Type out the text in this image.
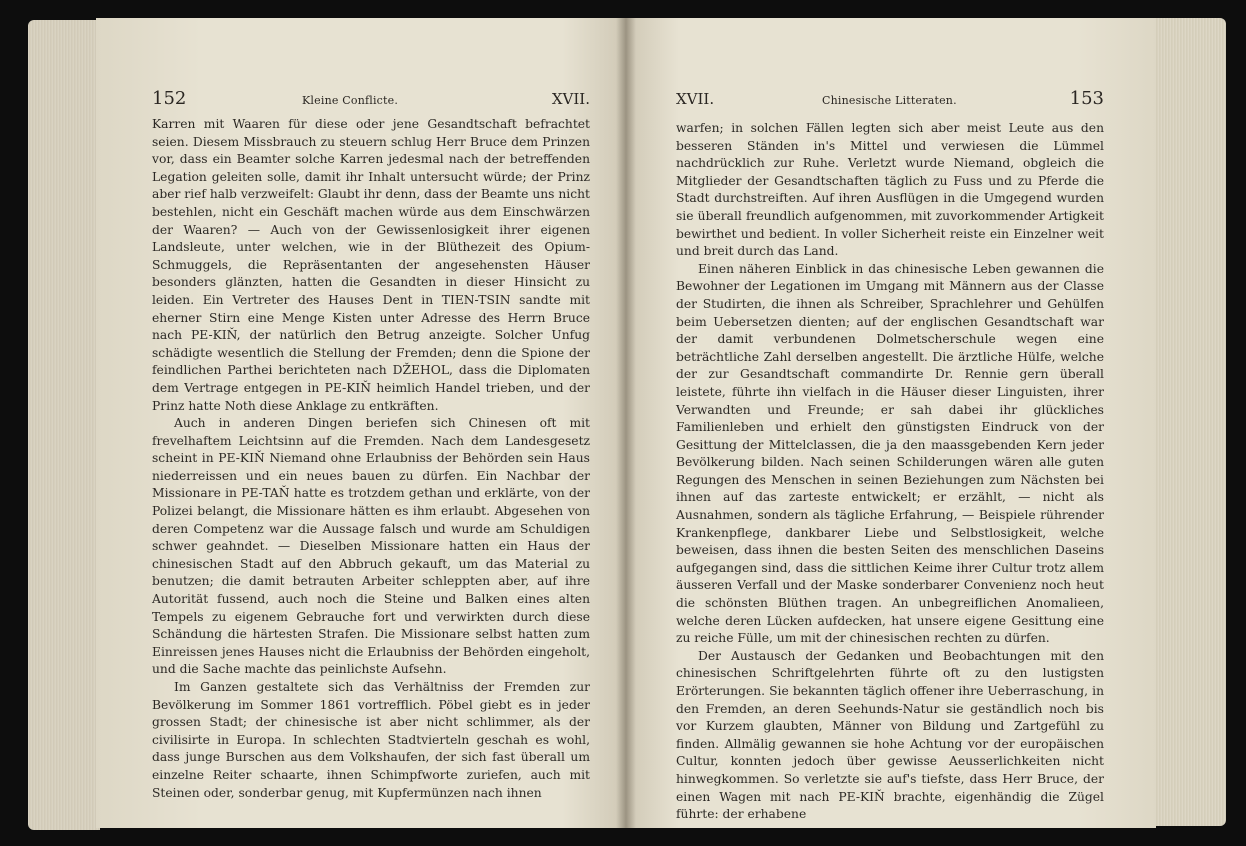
152	Kleine Conflicte.	XVII.	XVII.	Chinesische Litteraten.	153

Karren mit Waaren für diese oder jene Gesandtschaft befrachtet seien. Diesem Missbrauch zu steuern schlug Herr Bruce dem Prinzen vor, dass ein Beamter solche Karren jedesmal nach der betreffenden Legation geleiten solle, damit ihr Inhalt untersucht würde; der Prinz aber rief halb verzweifelt: Glaubt ihr denn, dass der Beamte uns nicht bestehlen, nicht ein Geschäft machen würde aus dem Einschwärzen der Waaren? — Auch von der Gewissenlosigkeit ihrer eigenen Landsleute, unter welchen, wie in der Blüthezeit des Opium-Schmuggels, die Repräsentanten der angesehensten Häuser besonders glänzten, hatten die Gesandten in dieser Hinsicht zu leiden. Ein Vertreter des Hauses Dent in TIEN-TSIN sandte mit eherner Stirn eine Menge Kisten unter Adresse des Herrn Bruce nach PE-KIŇ, der natürlich den Betrug anzeigte. Solcher Unfug schädigte wesentlich die Stellung der Fremden; denn die Spione der feindlichen Parthei berichteten nach DŽEHOL, dass die Diplomaten dem Vertrage entgegen in PE-KIŇ heimlich Handel trieben, und der Prinz hatte Noth diese Anklage zu entkräften.

Auch in anderen Dingen beriefen sich Chinesen oft mit frevelhaftem Leichtsinn auf die Fremden. Nach dem Landesgesetz scheint in PE-KIŇ Niemand ohne Erlaubniss der Behörden sein Haus niederreissen und ein neues bauen zu dürfen. Ein Nachbar der Missionare in PE-TAŇ hatte es trotzdem gethan und erklärte, von der Polizei belangt, die Missionare hätten es ihm erlaubt. Abgesehen von deren Competenz war die Aussage falsch und wurde am Schuldigen schwer geahndet. — Dieselben Missionare hatten ein Haus der chinesischen Stadt auf den Abbruch gekauft, um das Material zu benutzen; die damit betrauten Arbeiter schleppten aber, auf ihre Autorität fussend, auch noch die Steine und Balken eines alten Tempels zu eigenem Gebrauche fort und verwirkten durch diese Schändung die härtesten Strafen. Die Missionare selbst hatten zum Einreissen jenes Hauses nicht die Erlaubniss der Behörden eingeholt, und die Sache machte das peinlichste Aufsehn.

Im Ganzen gestaltete sich das Verhältniss der Fremden zur Bevölkerung im Sommer 1861 vortrefflich. Pöbel giebt es in jeder grossen Stadt; der chinesische ist aber nicht schlimmer, als der civilisirte in Europa. In schlechten Stadtvierteln geschah es wohl, dass junge Burschen aus dem Volkshaufen, der sich fast überall um einzelne Reiter schaarte, ihnen Schimpfworte zuriefen, auch mit Steinen oder, sonderbar genug, mit Kupfermünzen nach ihnen

warfen; in solchen Fällen legten sich aber meist Leute aus den besseren Ständen in's Mittel und verwiesen die Lümmel nachdrücklich zur Ruhe. Verletzt wurde Niemand, obgleich die Mitglieder der Gesandtschaften täglich zu Fuss und zu Pferde die Stadt durchstreiften. Auf ihren Ausflügen in die Umgegend wurden sie überall freundlich aufgenommen, mit zuvorkommender Artigkeit bewirthet und bedient. In voller Sicherheit reiste ein Einzelner weit und breit durch das Land.

Einen näheren Einblick in das chinesische Leben gewannen die Bewohner der Legationen im Umgang mit Männern aus der Classe der Studirten, die ihnen als Schreiber, Sprachlehrer und Gehülfen beim Uebersetzen dienten; auf der englischen Gesandtschaft war der damit verbundenen Dolmetscherschule wegen eine beträchtliche Zahl derselben angestellt. Die ärztliche Hülfe, welche der zur Gesandtschaft commandirte Dr. Rennie gern überall leistete, führte ihn vielfach in die Häuser dieser Linguisten, ihrer Verwandten und Freunde; er sah dabei ihr glückliches Familienleben und erhielt den günstigsten Eindruck von der Gesittung der Mittelclassen, die ja den maassgebenden Kern jeder Bevölkerung bilden. Nach seinen Schilderungen wären alle guten Regungen des Menschen in seinen Beziehungen zum Nächsten bei ihnen auf das zarteste entwickelt; er erzählt, — nicht als Ausnahmen, sondern als tägliche Erfahrung, — Beispiele rührender Krankenpflege, dankbarer Liebe und Selbstlosigkeit, welche beweisen, dass ihnen die besten Seiten des menschlichen Daseins aufgegangen sind, dass die sittlichen Keime ihrer Cultur trotz allem äusseren Verfall und der Maske sonderbarer Convenienz noch heut die schönsten Blüthen tragen. An unbegreiflichen Anomalieen, welche deren Lücken aufdecken, hat unsere eigene Gesittung eine zu reiche Fülle, um mit der chinesischen rechten zu dürfen.

Der Austausch der Gedanken und Beobachtungen mit den chinesischen Schriftgelehrten führte oft zu den lustigsten Erörterungen. Sie bekannten täglich offener ihre Ueberraschung, in den Fremden, an deren Seehunds-Natur sie geständlich noch bis vor Kurzem glaubten, Männer von Bildung und Zartgefühl zu finden. Allmälig gewannen sie hohe Achtung vor der europäischen Cultur, konnten jedoch über gewisse Aeusserlichkeiten nicht hinwegkommen. So verletzte sie auf's tiefste, dass Herr Bruce, der einen Wagen mit nach PE-KIŇ brachte, eigenhändig die Zügel führte: der erhabene
